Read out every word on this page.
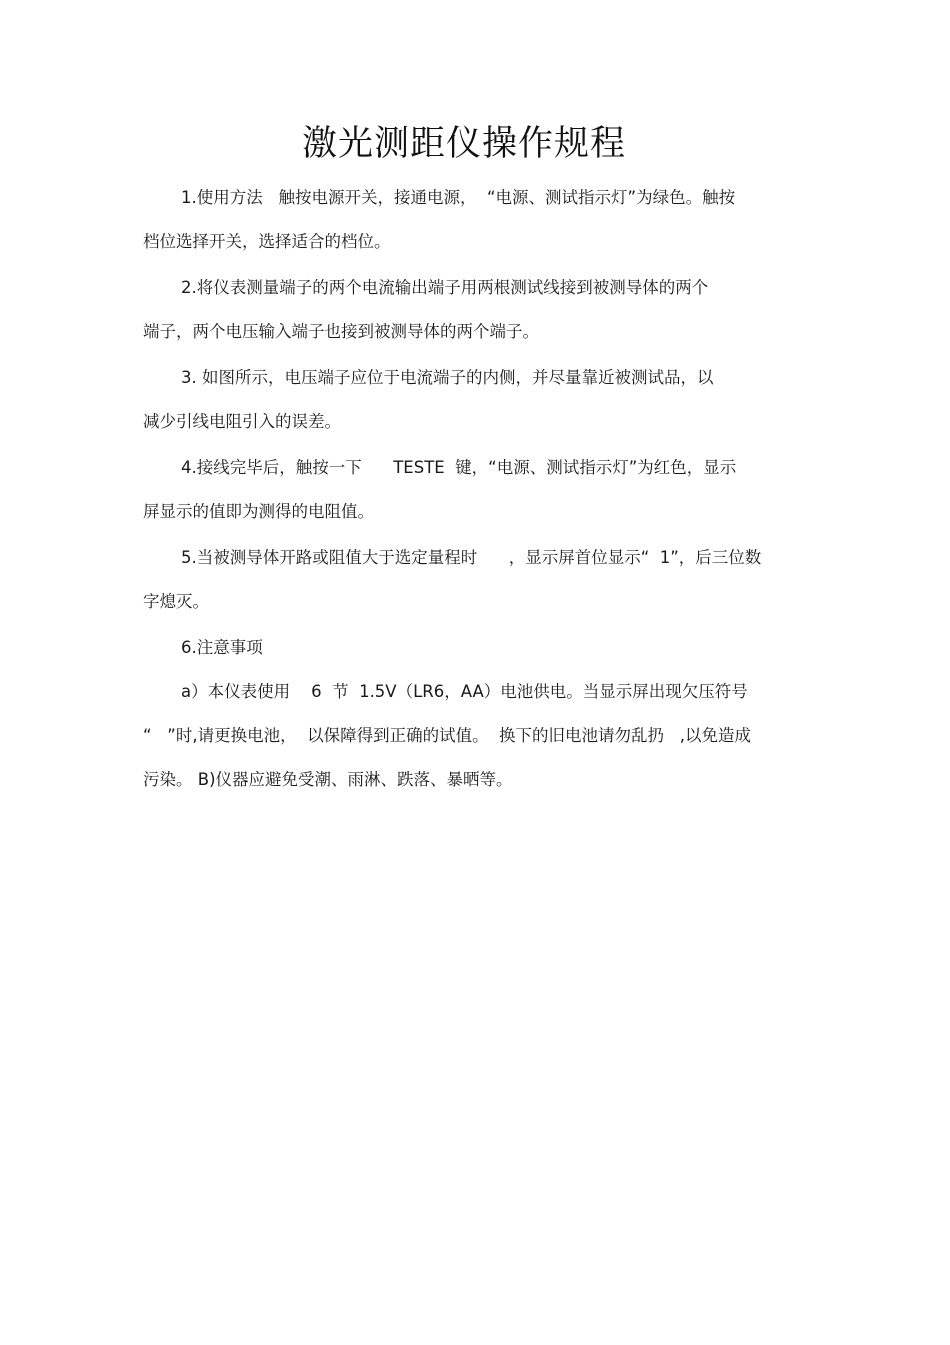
激光测距仪操作规程
1.使用方法   触按电源开关，接通电源，  “电源、测试指示灯”为绿色。触按
档位选择开关，选择适合的档位。
2.将仪表测量端子的两个电流输出端子用两根测试线接到被测导体的两个
端子，两个电压输入端子也接到被测导体的两个端子。
3. 如图所示，电压端子应位于电流端子的内侧，并尽量靠近被测试品，以
减少引线电阻引入的误差。
4.接线完毕后，触按一下      TESTE  键，“电源、测试指示灯”为红色，显示
屏显示的值即为测得的电阻值。
5.当被测导体开路或阻值大于选定量程时      ，显示屏首位显示“  1”，后三位数
字熄灭。
6.注意事项
a）本仪表使用    6  节  1.5V（LR6，AA）电池供电。当显示屏出现欠压符号
“   ”时,请更换电池，  以保障得到正确的试值。  换下的旧电池请勿乱扔   ,以免造成
污染。 B)仪器应避免受潮、雨淋、跌落、暴晒等。
